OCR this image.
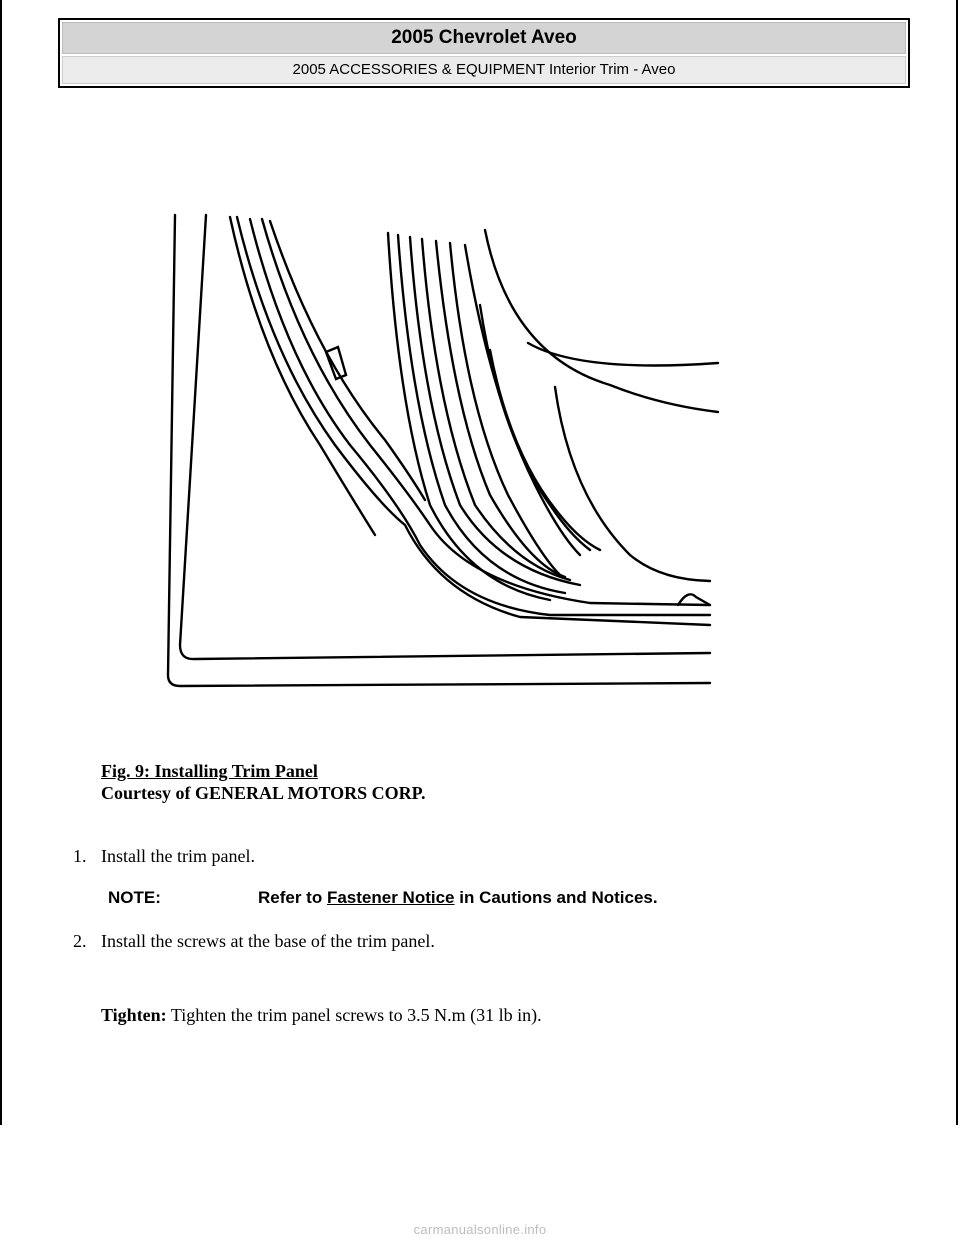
2005 Chevrolet Aveo
2005 ACCESSORIES & EQUIPMENT Interior Trim - Aveo
Fig. 9: Installing Trim Panel
Courtesy of GENERAL MOTORS CORP.
1. Install the trim panel.
NOTE:	Refer to Fastener Notice in Cautions and Notices.
2. Install the screws at the base of the trim panel.
Tighten: Tighten the trim panel screws to 3.5 N.m (31 lb in).
carmanualsonline.info
